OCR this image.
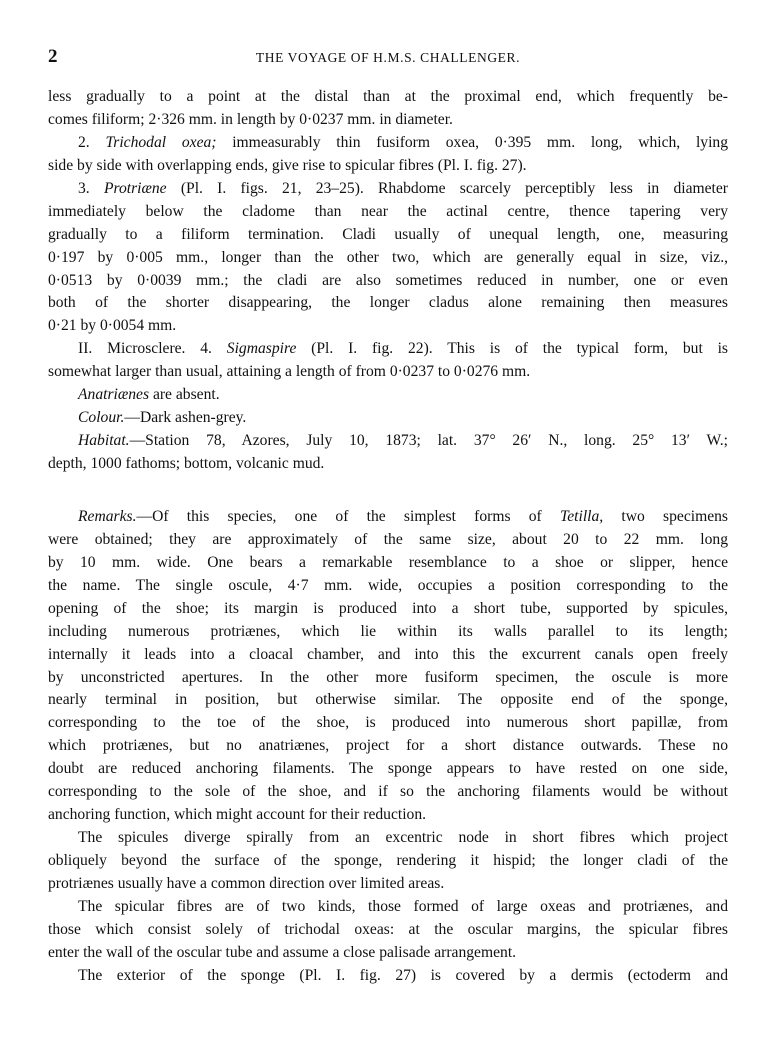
2	THE VOYAGE OF H.M.S. CHALLENGER.
less gradually to a point at the distal than at the proximal end, which frequently be-
comes filiform; 2·326 mm. in length by 0·0237 mm. in diameter.
2. Trichodal oxea; immeasurably thin fusiform oxea, 0·395 mm. long, which, lying
side by side with overlapping ends, give rise to spicular fibres (Pl. I. fig. 27).
3. Protriæne (Pl. I. figs. 21, 23–25). Rhabdome scarcely perceptibly less in diameter
immediately below the cladome than near the actinal centre, thence tapering very
gradually to a filiform termination. Cladi usually of unequal length, one, measuring
0·197 by 0·005 mm., longer than the other two, which are generally equal in size, viz.,
0·0513 by 0·0039 mm.; the cladi are also sometimes reduced in number, one or even
both of the shorter disappearing, the longer cladus alone remaining then measures
0·21 by 0·0054 mm.
II. Microsclere. 4. Sigmaspire (Pl. I. fig. 22). This is of the typical form, but is
somewhat larger than usual, attaining a length of from 0·0237 to 0·0276 mm.
Anatriænes are absent.
Colour.—Dark ashen-grey.
Habitat.—Station 78, Azores, July 10, 1873; lat. 37° 26′ N., long. 25° 13′ W.;
depth, 1000 fathoms; bottom, volcanic mud.
Remarks.—Of this species, one of the simplest forms of Tetilla, two specimens
were obtained; they are approximately of the same size, about 20 to 22 mm. long
by 10 mm. wide. One bears a remarkable resemblance to a shoe or slipper, hence
the name. The single oscule, 4·7 mm. wide, occupies a position corresponding to the
opening of the shoe; its margin is produced into a short tube, supported by spicules,
including numerous protriænes, which lie within its walls parallel to its length;
internally it leads into a cloacal chamber, and into this the excurrent canals open freely
by unconstricted apertures. In the other more fusiform specimen, the oscule is more
nearly terminal in position, but otherwise similar. The opposite end of the sponge,
corresponding to the toe of the shoe, is produced into numerous short papillæ, from
which protriænes, but no anatriænes, project for a short distance outwards. These no
doubt are reduced anchoring filaments. The sponge appears to have rested on one side,
corresponding to the sole of the shoe, and if so the anchoring filaments would be without
anchoring function, which might account for their reduction.
The spicules diverge spirally from an excentric node in short fibres which project
obliquely beyond the surface of the sponge, rendering it hispid; the longer cladi of the
protriænes usually have a common direction over limited areas.
The spicular fibres are of two kinds, those formed of large oxeas and protriænes, and
those which consist solely of trichodal oxeas: at the oscular margins, the spicular fibres
enter the wall of the oscular tube and assume a close palisade arrangement.
The exterior of the sponge (Pl. I. fig. 27) is covered by a dermis (ectoderm and
